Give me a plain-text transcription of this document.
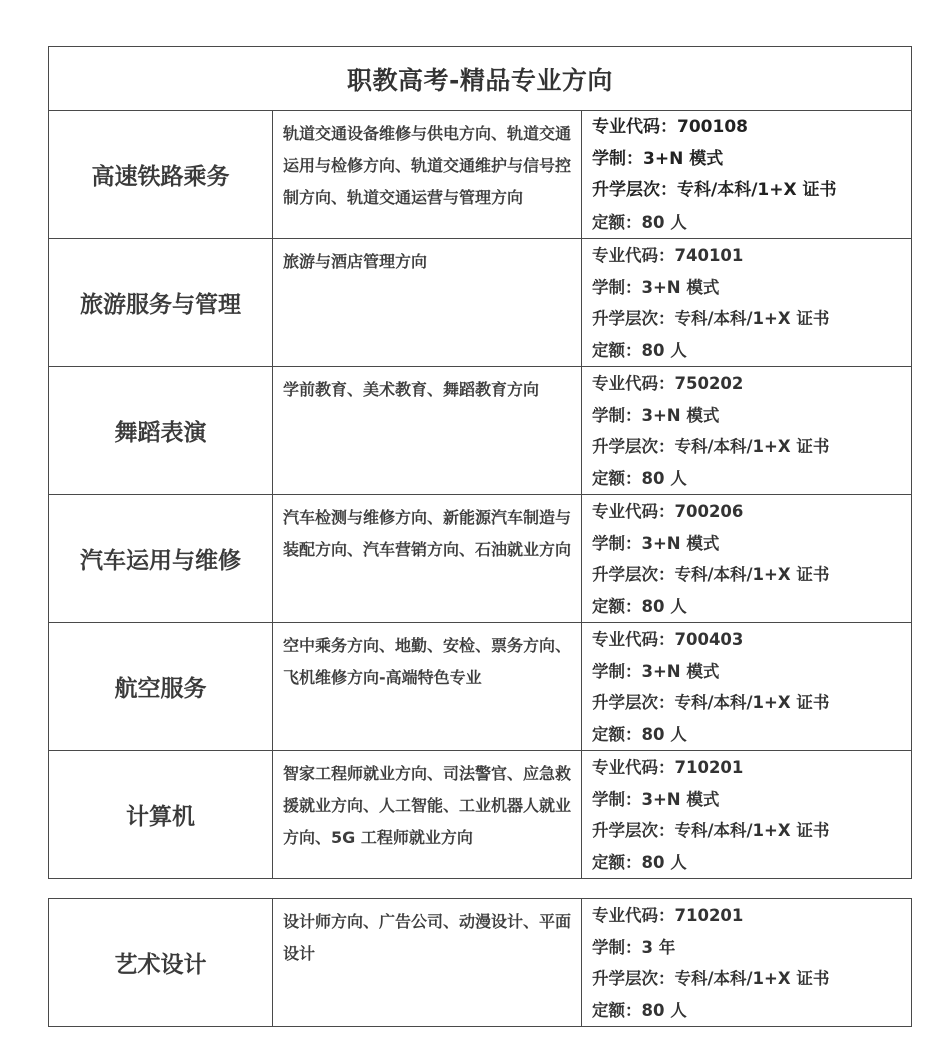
职教高考-精品专业方向		
高速铁路乘务	轨道交通设备维修与供电方向、轨道交通运用与检修方向、轨道交通维护与信号控制方向、轨道交通运营与管理方向	专业代码：700108
学制：3+N 模式
升学层次：专科/本科/1+X 证书
定额：80 人

旅游服务与管理	旅游与酒店管理方向	专业代码：740101
学制：3+N 模式
升学层次：专科/本科/1+X 证书
定额：80 人

舞蹈表演	学前教育、美术教育、舞蹈教育方向	专业代码：750202
学制：3+N 模式
升学层次：专科/本科/1+X 证书
定额：80 人

汽车运用与维修	汽车检测与维修方向、新能源汽车制造与装配方向、汽车营销方向、石油就业方向	专业代码：700206
学制：3+N 模式
升学层次：专科/本科/1+X 证书
定额：80 人

航空服务	空中乘务方向、地勤、安检、票务方向、飞机维修方向-高端特色专业	专业代码：700403
学制：3+N 模式
升学层次：专科/本科/1+X 证书
定额：80 人

计算机	智家工程师就业方向、司法警官、应急救援就业方向、人工智能、工业机器人就业方向、5G 工程师就业方向	专业代码：710201
学制：3+N 模式
升学层次：专科/本科/1+X 证书
定额：80 人
艺术设计	设计师方向、广告公司、动漫设计、平面设计	
专业代码：710201
学制：3 年
升学层次：专科/本科/1+X 证书
定额：80 人
